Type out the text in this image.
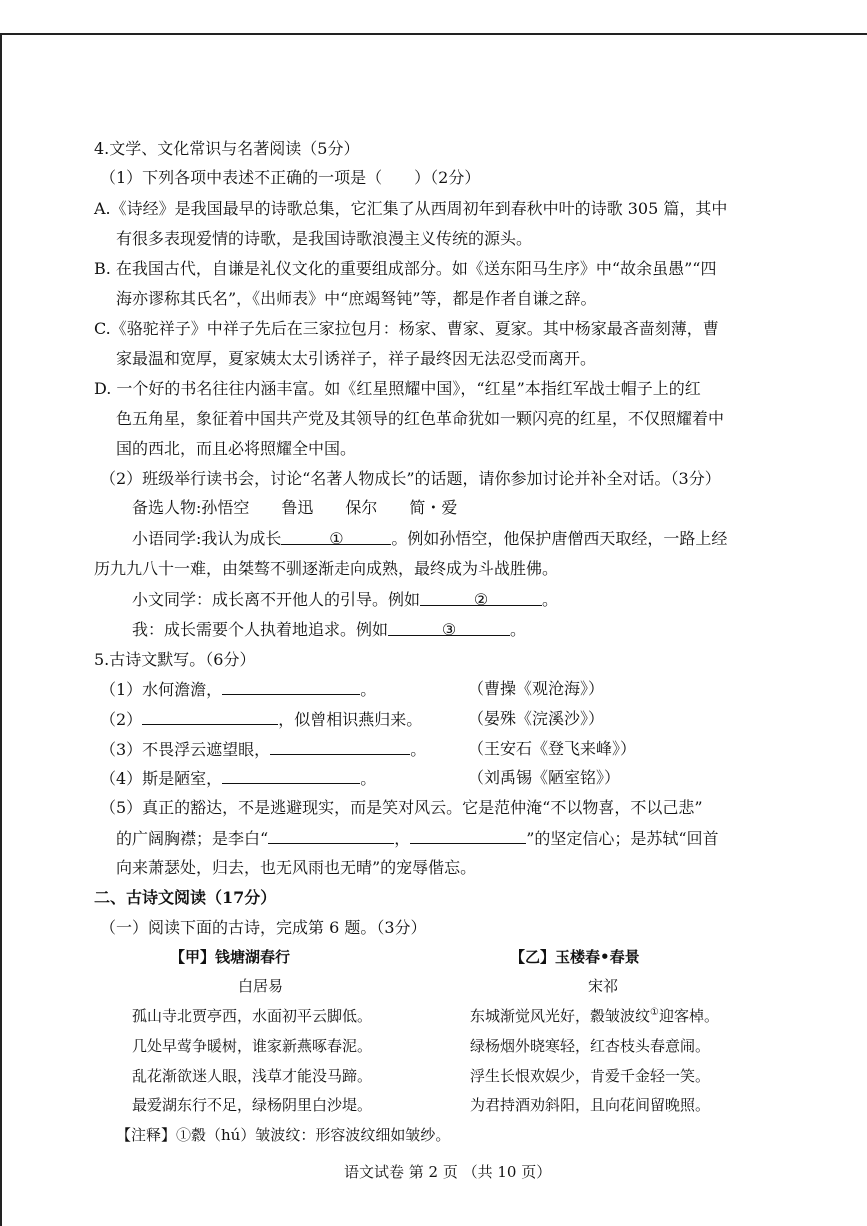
4.文学、文化常识与名著阅读（5分）
（1）下列各项中表述不正确的一项是（　　）（2分）
A.《诗经》是我国最早的诗歌总集，它汇集了从西周初年到春秋中叶的诗歌 305 篇，其中
有很多表现爱情的诗歌，是我国诗歌浪漫主义传统的源头。
B. 在我国古代，自谦是礼仪文化的重要组成部分。如《送东阳马生序》中“故余虽愚”“四
海亦谬称其氏名”，《出师表》中“庶竭驽钝”等，都是作者自谦之辞。
C.《骆驼祥子》中祥子先后在三家拉包月：杨家、曹家、夏家。其中杨家最吝啬刻薄，曹
家最温和宽厚，夏家姨太太引诱祥子，祥子最终因无法忍受而离开。
D. 一个好的书名往往内涵丰富。如《红星照耀中国》，“红星”本指红军战士帽子上的红
色五角星，象征着中国共产党及其领导的红色革命犹如一颗闪亮的红星，不仅照耀着中
国的西北，而且必将照耀全中国。
（2）班级举行读书会，讨论“名著人物成长”的话题，请你参加讨论并补全对话。（3分）
备选人物:孙悟空　　鲁迅　　保尔　　简・爱
小语同学:我认为成长	①	。例如孙悟空，他保护唐僧西天取经，一路上经
历九九八十一难，由桀骜不驯逐渐走向成熟，最终成为斗战胜佛。
小文同学：成长离不开他人的引导。例如	②	。
我：成长需要个人执着地追求。例如	③	。
5.古诗文默写。（6分）
（1）水何澹澹，	。	（曹操《观沧海》）
（2）	，似曾相识燕归来。	（晏殊《浣溪沙》）
（3）不畏浮云遮望眼，	。	（王安石《登飞来峰》）
（4）斯是陋室，	。	（刘禹锡《陋室铭》）
（5）真正的豁达，不是逃避现实，而是笑对风云。它是范仲淹“不以物喜，不以己悲”
的广阔胸襟；是李白“	，	”的坚定信心；是苏轼“回首
向来萧瑟处，归去，也无风雨也无晴”的宠辱偕忘。
二、古诗文阅读（17分）
（一）阅读下面的古诗，完成第 6 题。（3分）
【甲】钱塘湖春行
白居易
孤山寺北贾亭西，水面初平云脚低。
几处早莺争暖树，谁家新燕啄春泥。
乱花渐欲迷人眼，浅草才能没马蹄。
最爱湖东行不足，绿杨阴里白沙堤。
【乙】玉楼春•春景
宋祁
东城渐觉风光好，縠皱波纹①迎客棹。
绿杨烟外晓寒轻，红杏枝头春意闹。
浮生长恨欢娱少，肯爱千金轻一笑。
为君持酒劝斜阳，且向花间留晚照。
【注释】①縠（hú）皱波纹：形容波纹细如皱纱。
语文试卷 第 2 页 （共 10 页）
